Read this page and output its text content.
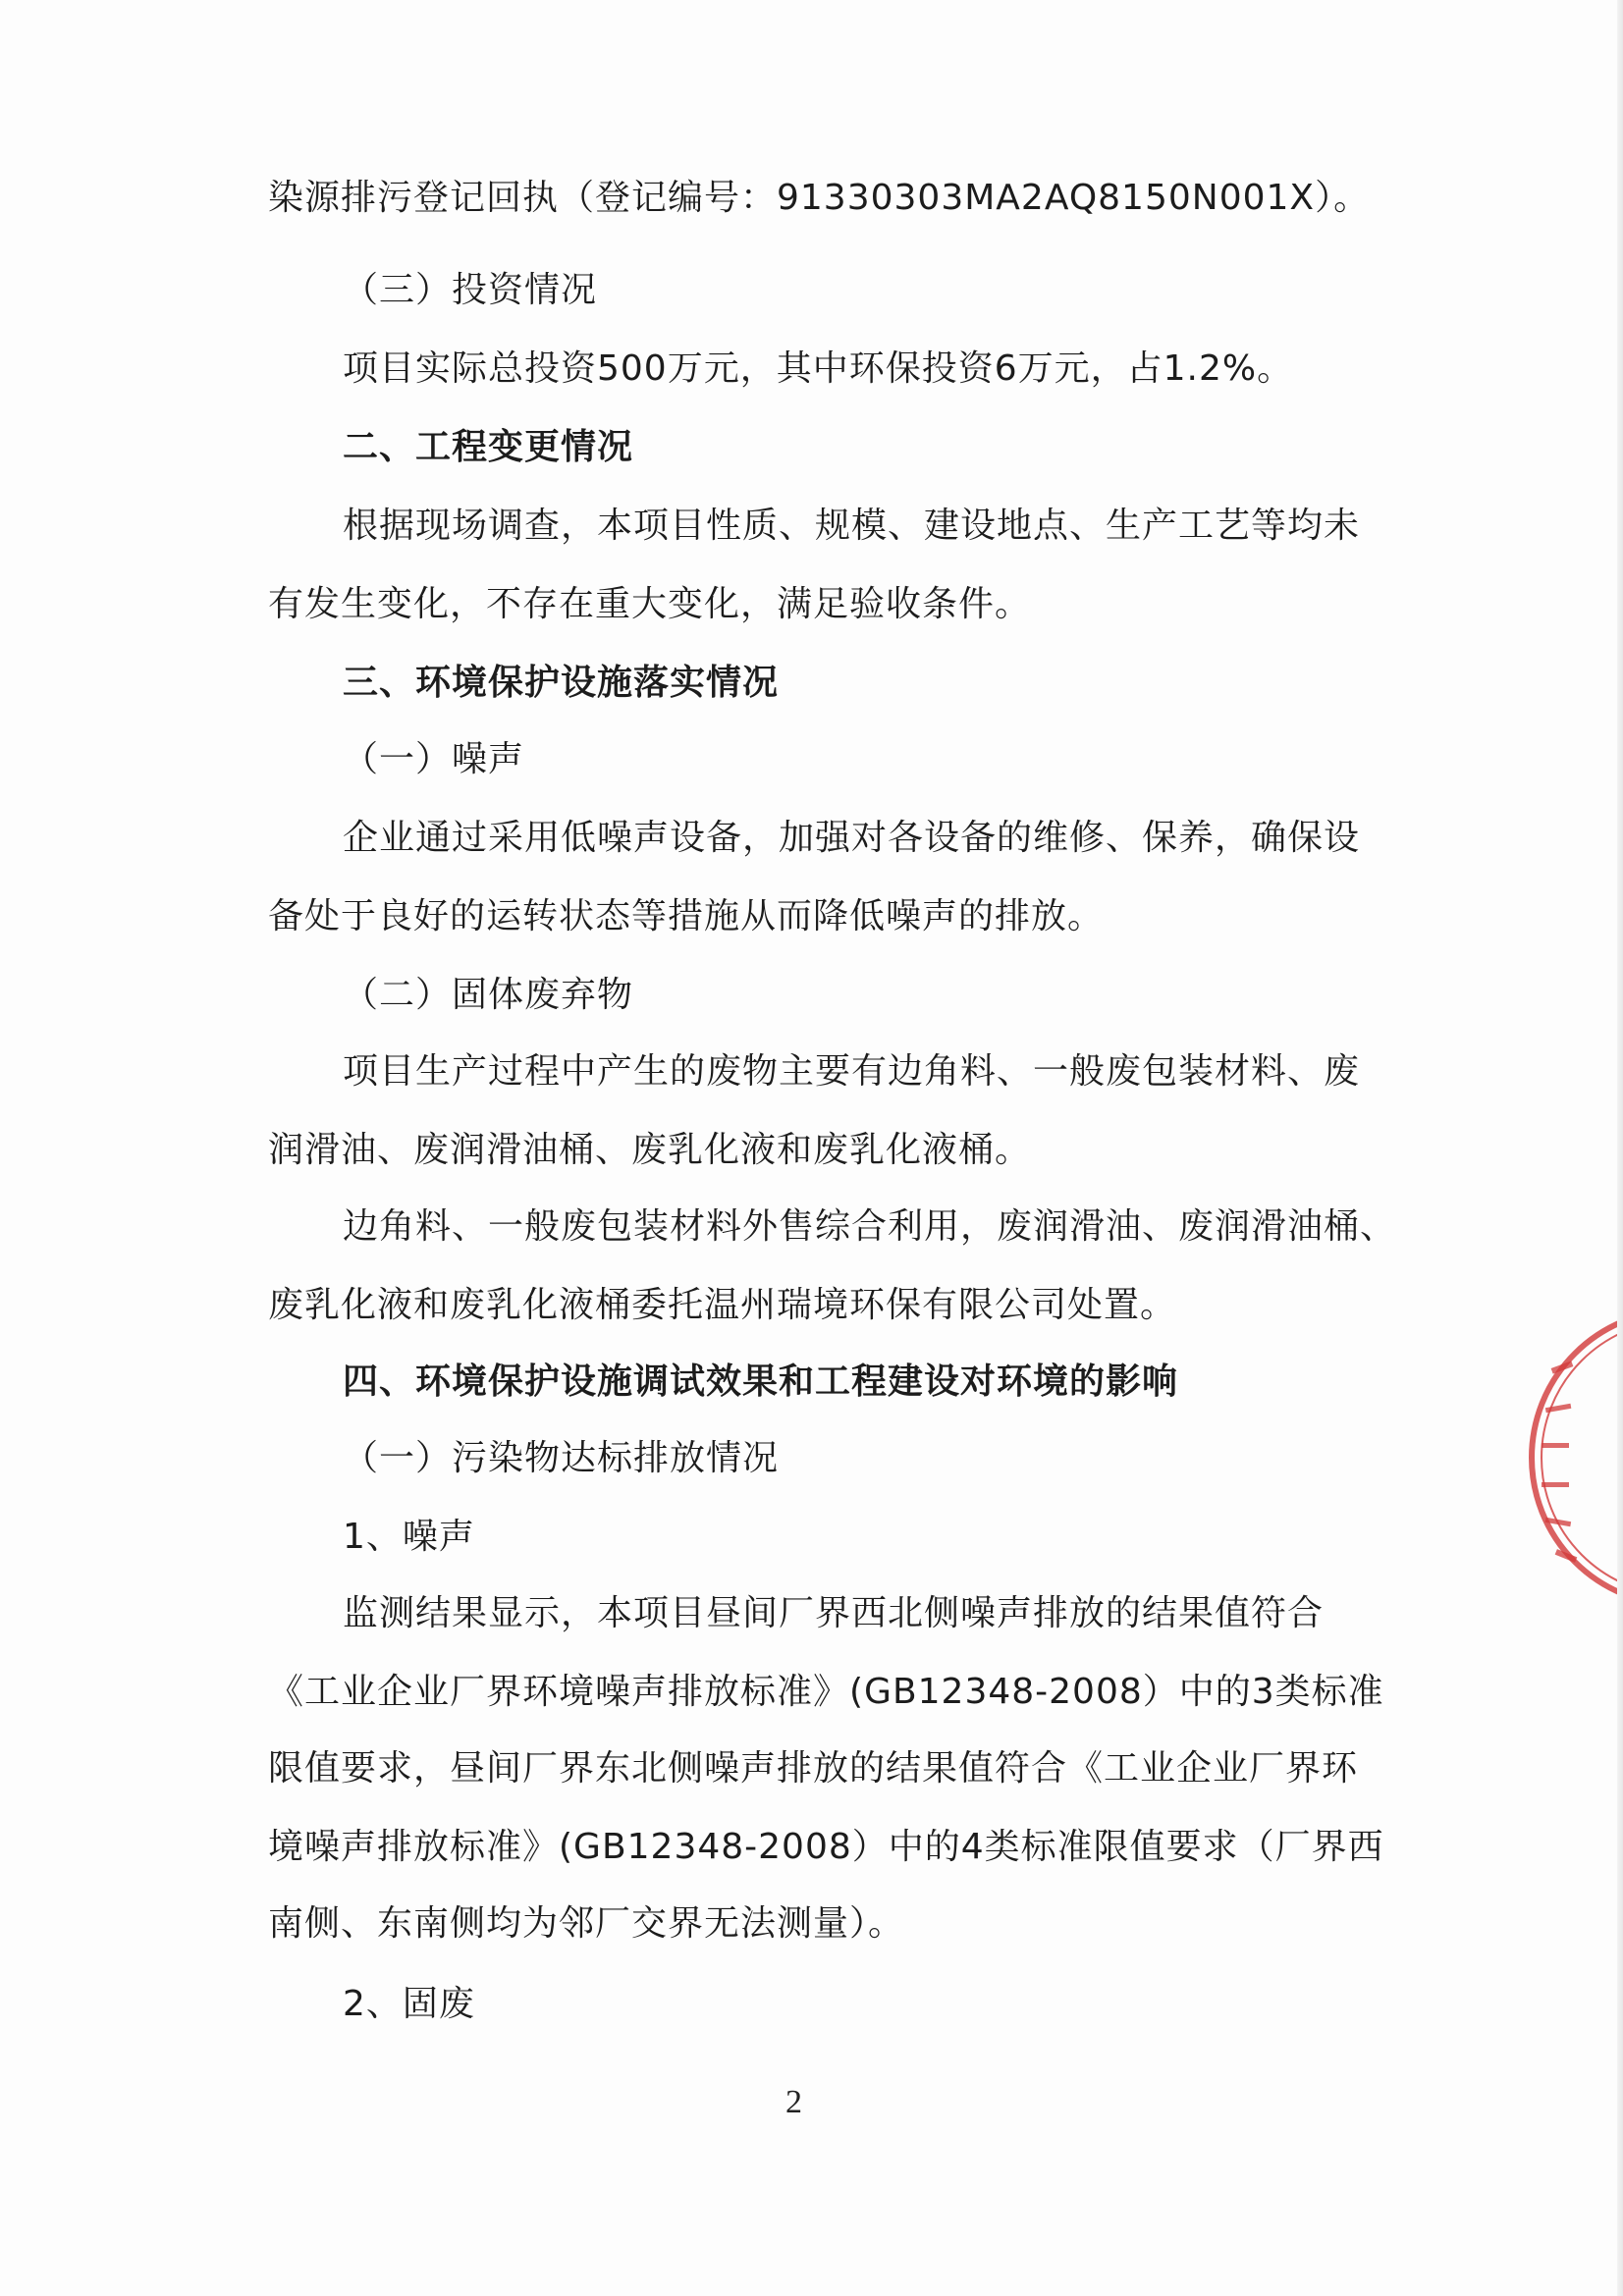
染源排污登记回执（登记编号：91330303MA2AQ8150N001X）。
（三）投资情况
项目实际总投资500万元，其中环保投资6万元，占1.2%。
二、工程变更情况
根据现场调查，本项目性质、规模、建设地点、生产工艺等均未
有发生变化，不存在重大变化，满足验收条件。
三、环境保护设施落实情况
（一）噪声
企业通过采用低噪声设备，加强对各设备的维修、保养，确保设
备处于良好的运转状态等措施从而降低噪声的排放。
（二）固体废弃物
项目生产过程中产生的废物主要有边角料、一般废包装材料、废
润滑油、废润滑油桶、废乳化液和废乳化液桶。
边角料、一般废包装材料外售综合利用，废润滑油、废润滑油桶、
废乳化液和废乳化液桶委托温州瑞境环保有限公司处置。
四、环境保护设施调试效果和工程建设对环境的影响
（一）污染物达标排放情况
1、噪声
监测结果显示，本项目昼间厂界西北侧噪声排放的结果值符合
《工业企业厂界环境噪声排放标准》(GB12348-2008）中的3类标准
限值要求，昼间厂界东北侧噪声排放的结果值符合《工业企业厂界环
境噪声排放标准》(GB12348-2008）中的4类标准限值要求（厂界西
南侧、东南侧均为邻厂交界无法测量）。
2、固废
2
